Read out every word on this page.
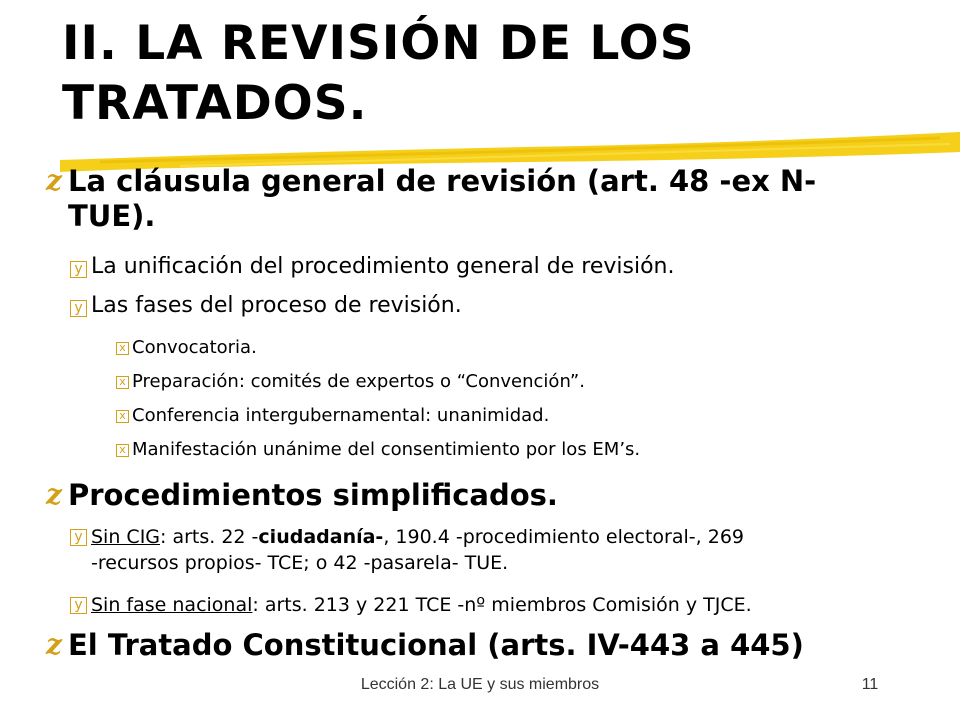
II. LA REVISIÓN DE LOS
TRATADOS.
z La cláusula general de revisión (art. 48 -ex N-
TUE).
y La unificación del procedimiento general de revisión.
y Las fases del proceso de revisión.
x Convocatoria.
x Preparación: comités de expertos o “Convención”.
x Conferencia intergubernamental: unanimidad.
x Manifestación unánime del consentimiento por los EM’s.
z Procedimientos simplificados.
y Sin CIG: arts. 22 -ciudadanía-, 190.4 -procedimiento electoral-, 269
-recursos propios- TCE; o 42 -pasarela- TUE.
y Sin fase nacional: arts. 213 y 221 TCE -nº miembros Comisión y TJCE.
z El Tratado Constitucional (arts. IV-443 a 445)
Lección 2: La UE y sus miembros	11
